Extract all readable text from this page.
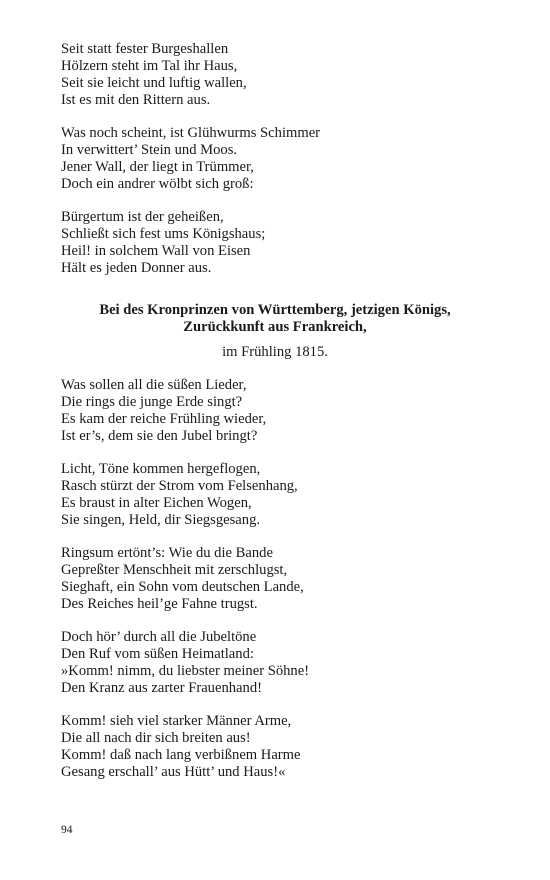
Seit statt fester Burgeshallen
Hölzern steht im Tal ihr Haus,
Seit sie leicht und luftig wallen,
Ist es mit den Rittern aus.
Was noch scheint, ist Glühwurms Schimmer
In verwittert’ Stein und Moos.
Jener Wall, der liegt in Trümmer,
Doch ein andrer wölbt sich groß:
Bürgertum ist der geheißen,
Schließt sich fest ums Königshaus;
Heil! in solchem Wall von Eisen
Hält es jeden Donner aus.
Bei des Kronprinzen von Württemberg, jetzigen Königs,
Zurückkunft aus Frankreich,
im Frühling 1815.
Was sollen all die süßen Lieder,
Die rings die junge Erde singt?
Es kam der reiche Frühling wieder,
Ist er’s, dem sie den Jubel bringt?
Licht, Töne kommen hergeflogen,
Rasch stürzt der Strom vom Felsenhang,
Es braust in alter Eichen Wogen,
Sie singen, Held, dir Siegsgesang.
Ringsum ertönt’s: Wie du die Bande
Gepreßter Menschheit mit zerschlugst,
Sieghaft, ein Sohn vom deutschen Lande,
Des Reiches heil’ge Fahne trugst.
Doch hör’ durch all die Jubeltöne
Den Ruf vom süßen Heimatland:
»Komm! nimm, du liebster meiner Söhne!
Den Kranz aus zarter Frauenhand!
Komm! sieh viel starker Männer Arme,
Die all nach dir sich breiten aus!
Komm! daß nach lang verbißnem Harme
Gesang erschall’ aus Hütt’ und Haus!«
94
